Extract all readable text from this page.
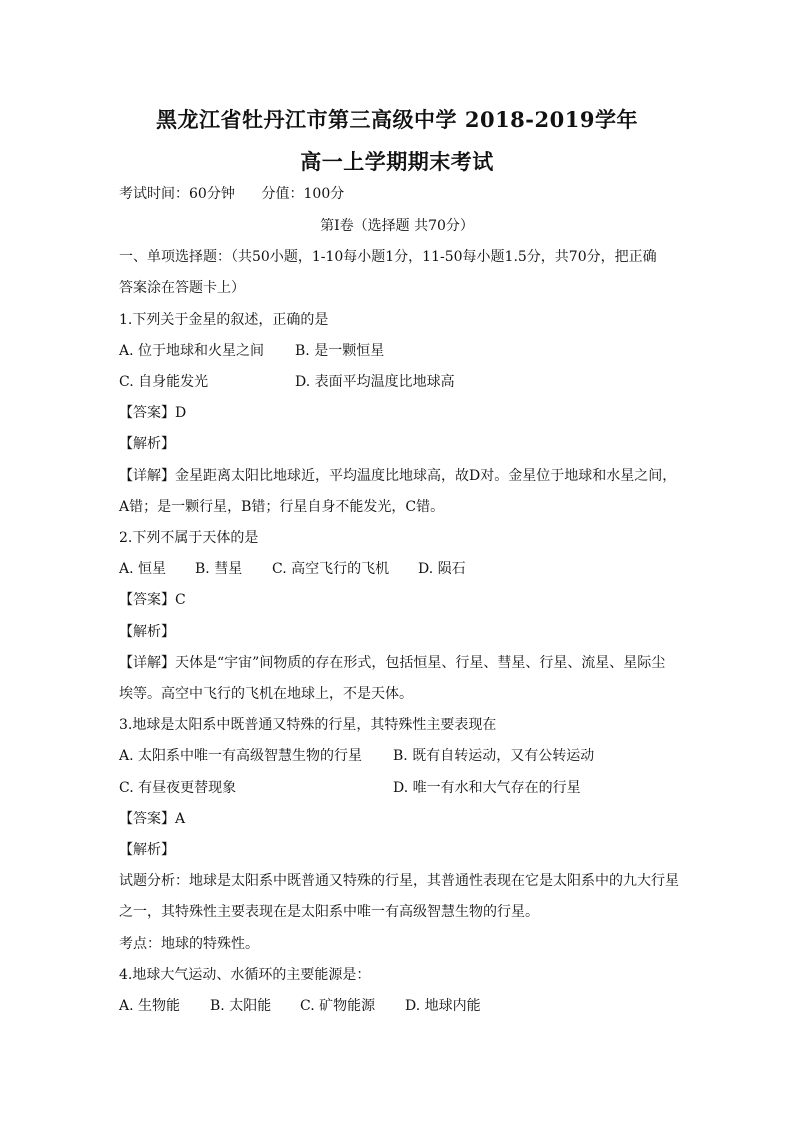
黑龙江省牡丹江市第三高级中学 2018-2019学年
高一上学期期末考试
考试时间：60分钟      分值：100分
第Ⅰ卷（选择题 共70分）
一、单项选择题：（共50小题，1-10每小题1分，11-50每小题1.5分，共70分，把正确
答案涂在答题卡上）
1.下列关于金星的叙述，正确的是
A. 位于地球和火星之间 B. 是一颗恒星
C. 自身能发光	D. 表面平均温度比地球高
【答案】D
【解析】
【详解】金星距离太阳比地球近，平均温度比地球高，故D对。金星位于地球和水星之间，
A错；是一颗行星，B错；行星自身不能发光，C错。
2.下列不属于天体的是
A. 恒星 B. 彗星 C. 高空飞行的飞机 D. 陨石
【答案】C
【解析】
【详解】天体是“宇宙”间物质的存在形式，包括恒星、行星、彗星、行星、流星、星际尘
埃等。高空中飞行的飞机在地球上，不是天体。
3.地球是太阳系中既普通又特殊的行星，其特殊性主要表现在
A. 太阳系中唯一有高级智慧生物的行星 B. 既有自转运动，又有公转运动
C. 有昼夜更替现象	D. 唯一有水和大气存在的行星
【答案】A
【解析】
试题分析：地球是太阳系中既普通又特殊的行星，其普通性表现在它是太阳系中的九大行星
之一，其特殊性主要表现在是太阳系中唯一有高级智慧生物的行星。
考点：地球的特殊性。
4.地球大气运动、水循环的主要能源是：
A. 生物能 B. 太阳能 C. 矿物能源 D. 地球内能
